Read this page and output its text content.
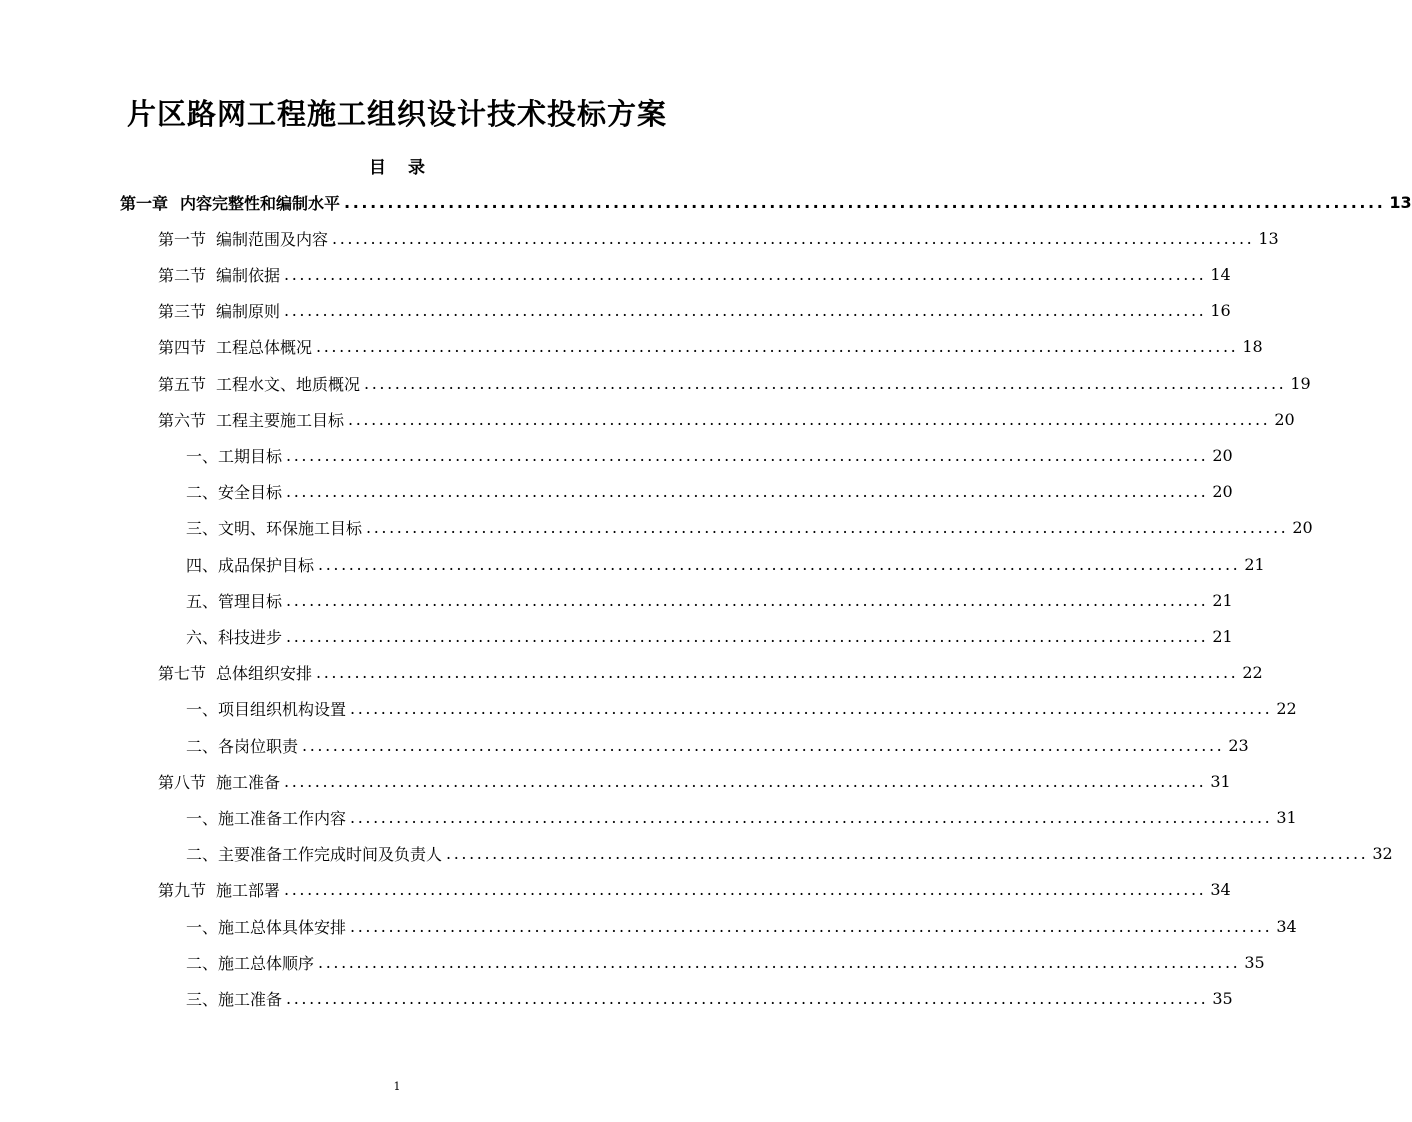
片区路网工程施工组织设计技术投标方案
目 录
第一章 内容完整性和编制水平 ........................................................................................................................ 13
第一节 编制范围及内容 ........................................................................................................................ 13
第二节 编制依据 ........................................................................................................................ 14
第三节 编制原则 ........................................................................................................................ 16
第四节 工程总体概况 ........................................................................................................................ 18
第五节 工程水文、地质概况 ........................................................................................................................ 19
第六节 工程主要施工目标 ........................................................................................................................ 20
一、 工期目标 ........................................................................................................................ 20
二、 安全目标 ........................................................................................................................ 20
三、 文明、环保施工目标 ........................................................................................................................ 20
四、 成品保护目标 ........................................................................................................................ 21
五、 管理目标 ........................................................................................................................ 21
六、 科技进步 ........................................................................................................................ 21
第七节 总体组织安排 ........................................................................................................................ 22
一、 项目组织机构设置 ........................................................................................................................ 22
二、 各岗位职责 ........................................................................................................................ 23
第八节 施工准备 ........................................................................................................................ 31
一、 施工准备工作内容 ........................................................................................................................ 31
二、 主要准备工作完成时间及负责人 ........................................................................................................................ 32
第九节 施工部署 ........................................................................................................................ 34
一、 施工总体具体安排 ........................................................................................................................ 34
二、 施工总体顺序 ........................................................................................................................ 35
三、 施工准备 ........................................................................................................................ 35
1
